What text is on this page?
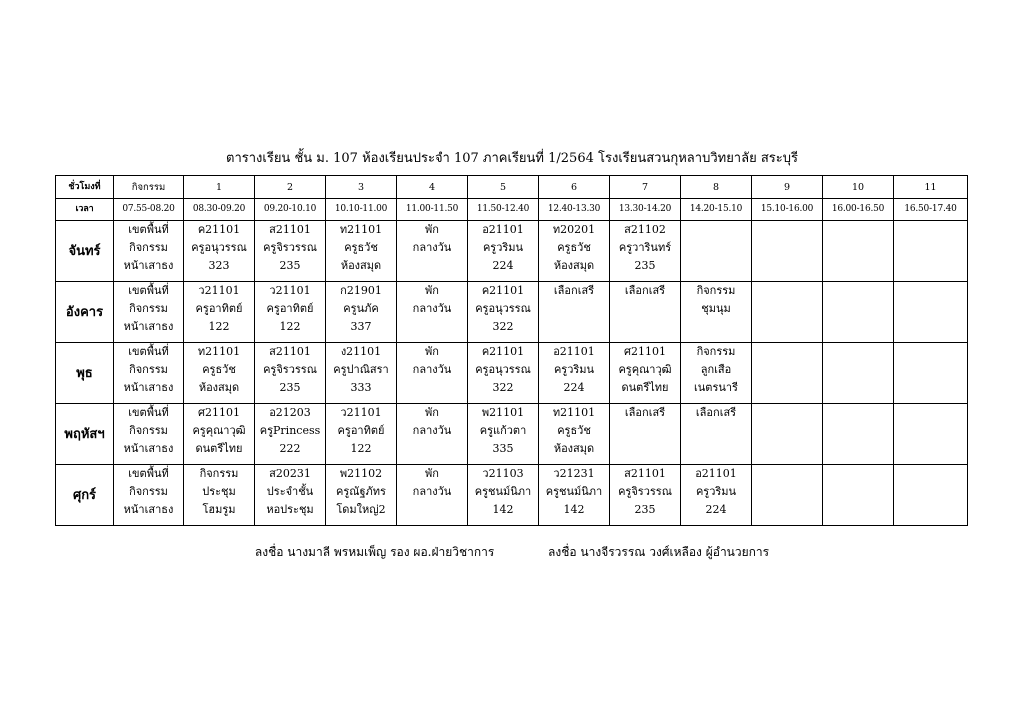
ตารางเรียน ชั้น ม. 107 ห้องเรียนประจำ 107 ภาคเรียนที่ 1/2564 โรงเรียนสวนกุหลาบวิทยาลัย สระบุรี
ชั่วโมงที่	กิจกรรม	1	2	3	4	5	6	7	8	9	10	11
เวลา	07.55-08.20	08.30-09.20	09.20-10.10	10.10-11.00	11.00-11.50	11.50-12.40	12.40-13.30	13.30-14.20	14.20-15.10	15.10-16.00	16.00-16.50	16.50-17.40
จันทร์	เขตพื้นที่
กิจกรรม
หน้าเสาธง	ค21101
ครูอนุวรรณ
323	ส21101
ครูจิรวรรณ
235	ท21101
ครูธวัช
ห้องสมุด	พัก
กลางวัน	อ21101
ครูวริมน
224	ท20201
ครูธวัช
ห้องสมุด	ส21102
ครูวารินทร์
235				

อังคาร	เขตพื้นที่
กิจกรรม
หน้าเสาธง	ว21101
ครูอาทิตย์
122	ว21101
ครูอาทิตย์
122	ก21901
ครูนภัค
337	พัก
กลางวัน	ค21101
ครูอนุวรรณ
322	เลือกเสรี	เลือกเสรี	กิจกรรม
ชุมนุม			

พุธ	เขตพื้นที่
กิจกรรม
หน้าเสาธง	ท21101
ครูธวัช
ห้องสมุด	ส21101
ครูจิรวรรณ
235	ง21101
ครูปาณิสรา
333	พัก
กลางวัน	ค21101
ครูอนุวรรณ
322	อ21101
ครูวริมน
224	ศ21101
ครูคุณาวุฒิ
ดนตรีไทย	กิจกรรม
ลูกเสือ
เนตรนารี			

พฤหัสฯ	เขตพื้นที่
กิจกรรม
หน้าเสาธง	ศ21101
ครูคุณาวุฒิ
ดนตรีไทย	อ21203
ครูPrincess
222	ว21101
ครูอาทิตย์
122	พัก
กลางวัน	พ21101
ครูแก้วตา
335	ท21101
ครูธวัช
ห้องสมุด	เลือกเสรี	เลือกเสรี			

ศุกร์	เขตพื้นที่
กิจกรรม
หน้าเสาธง	กิจกรรม
ประชุม
โฮมรูม	ส20231
ประจำชั้น
หอประชุม	พ21102
ครูณัฐภัทร
โดมใหญ่2	พัก
กลางวัน	ว21103
ครูชนม์นิภา
142	ว21231
ครูชนม์นิภา
142	ส21101
ครูจิรวรรณ
235	อ21101
ครูวริมน
224			

ลงชื่อ นางมาลี พรหมเพ็ญ รอง ผอ.ฝ่ายวิชาการ	ลงชื่อ นางจีรวรรณ วงศ์เหลือง ผู้อำนวยการ
